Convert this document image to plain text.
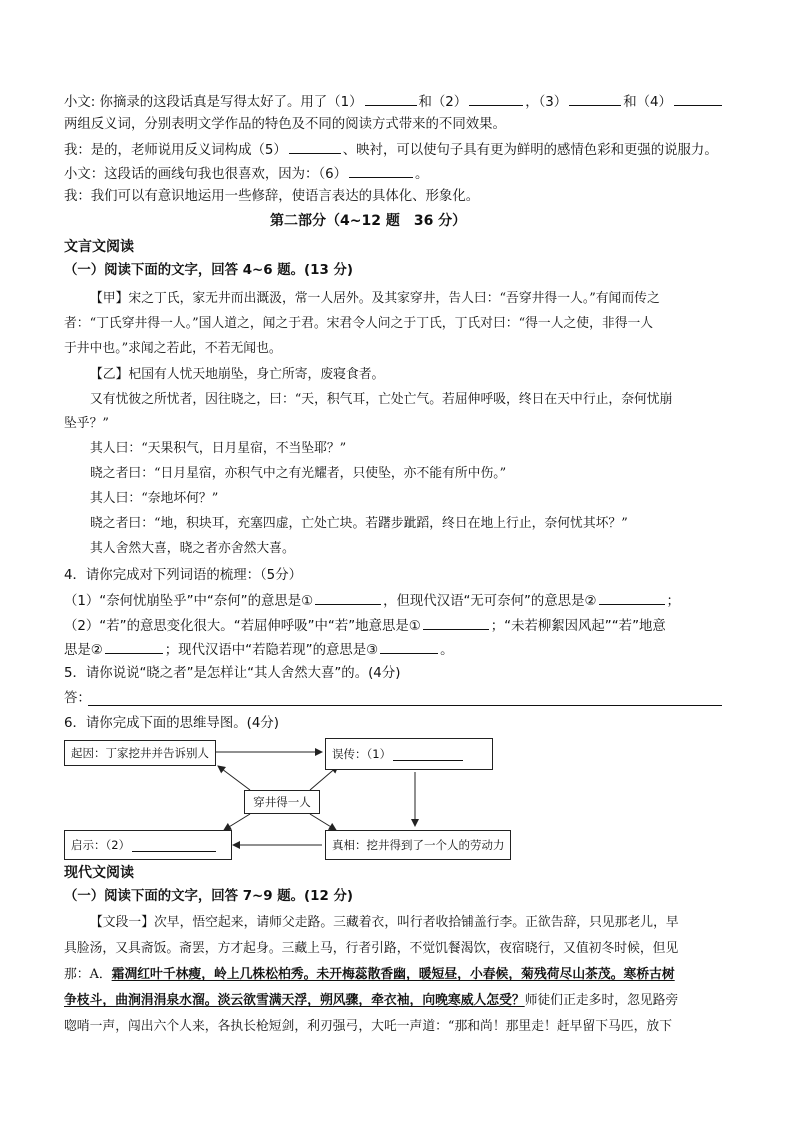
小文: 你摘录的这段话真是写得太好了。用了（1）	和（2）	，（3）	和（4）
两组反义词，分别表明文学作品的特色及不同的阅读方式带来的不同效果。
我：是的，老师说用反义词构成（5）	、映衬，可以使句子具有更为鲜明的感情色彩和更强的说服力。
小文：这段话的画线句我也很喜欢，因为：（6）	。
我：我们可以有意识地运用一些修辞，使语言表达的具体化、形象化。
第二部分（4~12 题　36 分）
文言文阅读
（一）阅读下面的文字，回答 4~6 题。(13 分)
【甲】宋之丁氏，家无井而出溉汲，常一人居外。及其家穿井，告人曰：“吾穿井得一人。”有闻而传之
者：“丁氏穿井得一人。”国人道之，闻之于君。宋君令人问之于丁氏，丁氏对曰：“得一人之使，非得一人
于井中也。”求闻之若此，不若无闻也。
【乙】杞国有人忧天地崩坠，身亡所寄，废寝食者。
又有忧彼之所忧者，因往晓之，曰：“天，积气耳，亡处亡气。若屈伸呼吸，终日在天中行止，奈何忧崩
坠乎？”
其人曰：“天果积气，日月星宿，不当坠耶？”
晓之者曰：“日月星宿，亦积气中之有光耀者，只使坠，亦不能有所中伤。”
其人曰：“奈地坏何？”
晓之者曰：“地，积块耳，充塞四虚，亡处亡块。若躇步跐蹈，终日在地上行止，奈何忧其坏？”
其人舍然大喜，晓之者亦舍然大喜。
4．请你完成对下列词语的梳理：（5分）
（1）“奈何忧崩坠乎”中“奈何”的意思是①	，但现代汉语“无可奈何”的意思是②	；
（2）“若”的意思变化很大。“若屈伸呼吸”中“若”地意思是①	；“未若柳絮因风起”“若”地意
思是②	；现代汉语中“若隐若现”的意思是③	。
5．请你说说“晓之者”是怎样让“其人舍然大喜”的。(4分)
答：
6．请你完成下面的思维导图。(4分)
起因：丁家挖井并告诉别人	误传：（1）
穿井得一人
启示：（2）	真相：挖井得到了一个人的劳动力
现代文阅读
（一）阅读下面的文字，回答 7~9 题。(12 分)
【文段一】次早，悟空起来，请师父走路。三藏着衣，叫行者收拾铺盖行李。正欲告辞，只见那老儿，早
具脸汤，又具斋饭。斋罢，方才起身。三藏上马，行者引路，不觉饥餐渴饮，夜宿晓行，又值初冬时候，但见
那：A．霜凋红叶千林瘦，岭上几株松柏秀。未开梅蕊散香幽，暖短昼，小春候，菊残荷尽山茶茂。寒桥古树
争枝斗，曲涧涓涓泉水溜。淡云欲雪满天浮，朔风骤，牵衣袖，向晚寒威人怎受？师徒们正走多时，忽见路旁
唿哨一声，闯出六个人来，各执长枪短剑，利刃强弓，大吒一声道：“那和尚！那里走！赶早留下马匹，放下
